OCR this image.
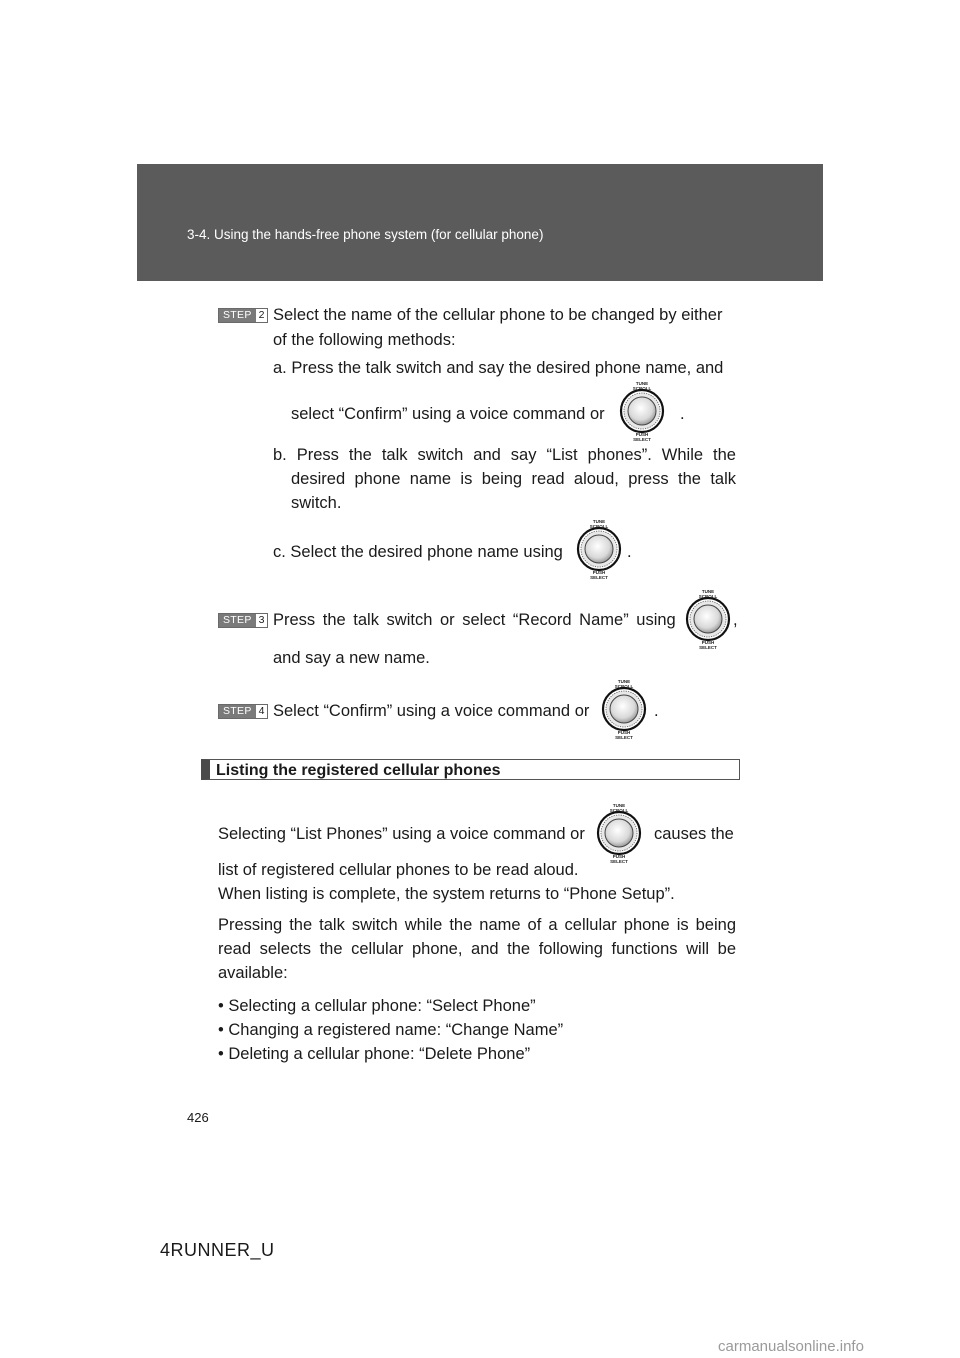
3-4. Using the hands-free phone system (for cellular phone)
STEP 2 Select the name of the cellular phone to be changed by either
of the following methods:
a. Press the talk switch and say the desired phone name, and
select “Confirm” using a voice command or	.
b. Press the talk switch and say “List phones”. While the desired phone name is being read aloud, press the talk switch.
c. Select the desired phone name using	.
STEP 3 Press the talk switch or select “Record Name” using	,
and say a new name.
STEP 4 Select “Confirm” using a voice command or	.
Listing the registered cellular phones
Selecting “List Phones” using a voice command or	causes the
list of registered cellular phones to be read aloud.
When listing is complete, the system returns to “Phone Setup”.
Pressing the talk switch while the name of a cellular phone is being read selects the cellular phone, and the following functions will be available:
• Selecting a cellular phone: “Select Phone”
• Changing a registered name: “Change Name”
• Deleting a cellular phone: “Delete Phone”
426
4RUNNER_U
carmanualsonline.info
